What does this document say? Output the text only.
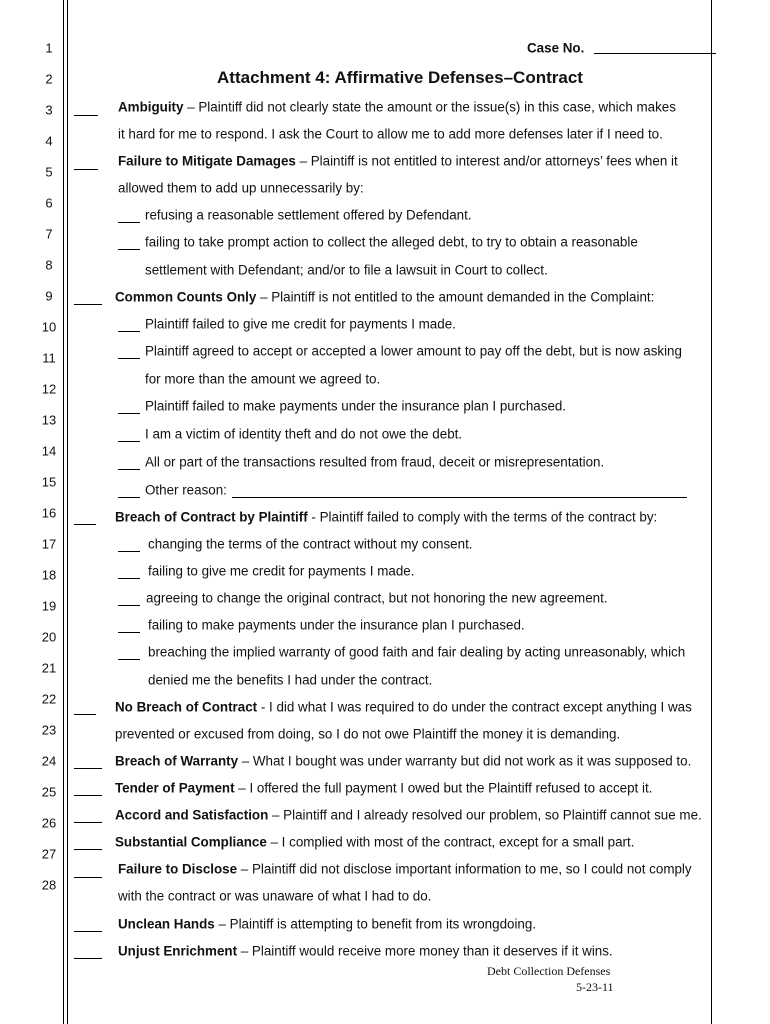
1
2
3
4
5
6
7
8
9
10
11
12
13
14
15
16
17
18
19
20
21
22
23
24
25
26
27
28
Case No.
Attachment 4: Affirmative Defenses–Contract
Ambiguity – Plaintiff did not clearly state the amount or the issue(s) in this case, which makes
it hard for me to respond. I ask the Court to allow me to add more defenses later if I need to.
Failure to Mitigate Damages – Plaintiff is not entitled to interest and/or attorneys’ fees when it
allowed them to add up unnecessarily by:
refusing a reasonable settlement offered by Defendant.
failing to take prompt action to collect the alleged debt, to try to obtain a reasonable
settlement with Defendant; and/or to file a lawsuit in Court to collect.
Common Counts Only – Plaintiff is not entitled to the amount demanded in the Complaint:
Plaintiff failed to give me credit for payments I made.
Plaintiff agreed to accept or accepted a lower amount to pay off the debt, but is now asking
for more than the amount we agreed to.
Plaintiff failed to make payments under the insurance plan I purchased.
I am a victim of identity theft and do not owe the debt.
All or part of the transactions resulted from fraud, deceit or misrepresentation.
Other reason:
Breach of Contract by Plaintiff - Plaintiff failed to comply with the terms of the contract by:
changing the terms of the contract without my consent.
failing to give me credit for payments I made.
agreeing to change the original contract, but not honoring the new agreement.
failing to make payments under the insurance plan I purchased.
breaching the implied warranty of good faith and fair dealing by acting unreasonably, which
denied me the benefits I had under the contract.
No Breach of Contract - I did what I was required to do under the contract except anything I was
prevented or excused from doing, so I do not owe Plaintiff the money it is demanding.
Breach of Warranty – What I bought was under warranty but did not work as it was supposed to.
Tender of Payment – I offered the full payment I owed but the Plaintiff refused to accept it.
Accord and Satisfaction – Plaintiff and I already resolved our problem, so Plaintiff cannot sue me.
Substantial Compliance – I complied with most of the contract, except for a small part.
Failure to Disclose – Plaintiff did not disclose important information to me, so I could not comply
with the contract or was unaware of what I had to do.
Unclean Hands – Plaintiff is attempting to benefit from its wrongdoing.
Unjust Enrichment – Plaintiff would receive more money than it deserves if it wins.
Debt Collection Defenses
5-23-11
